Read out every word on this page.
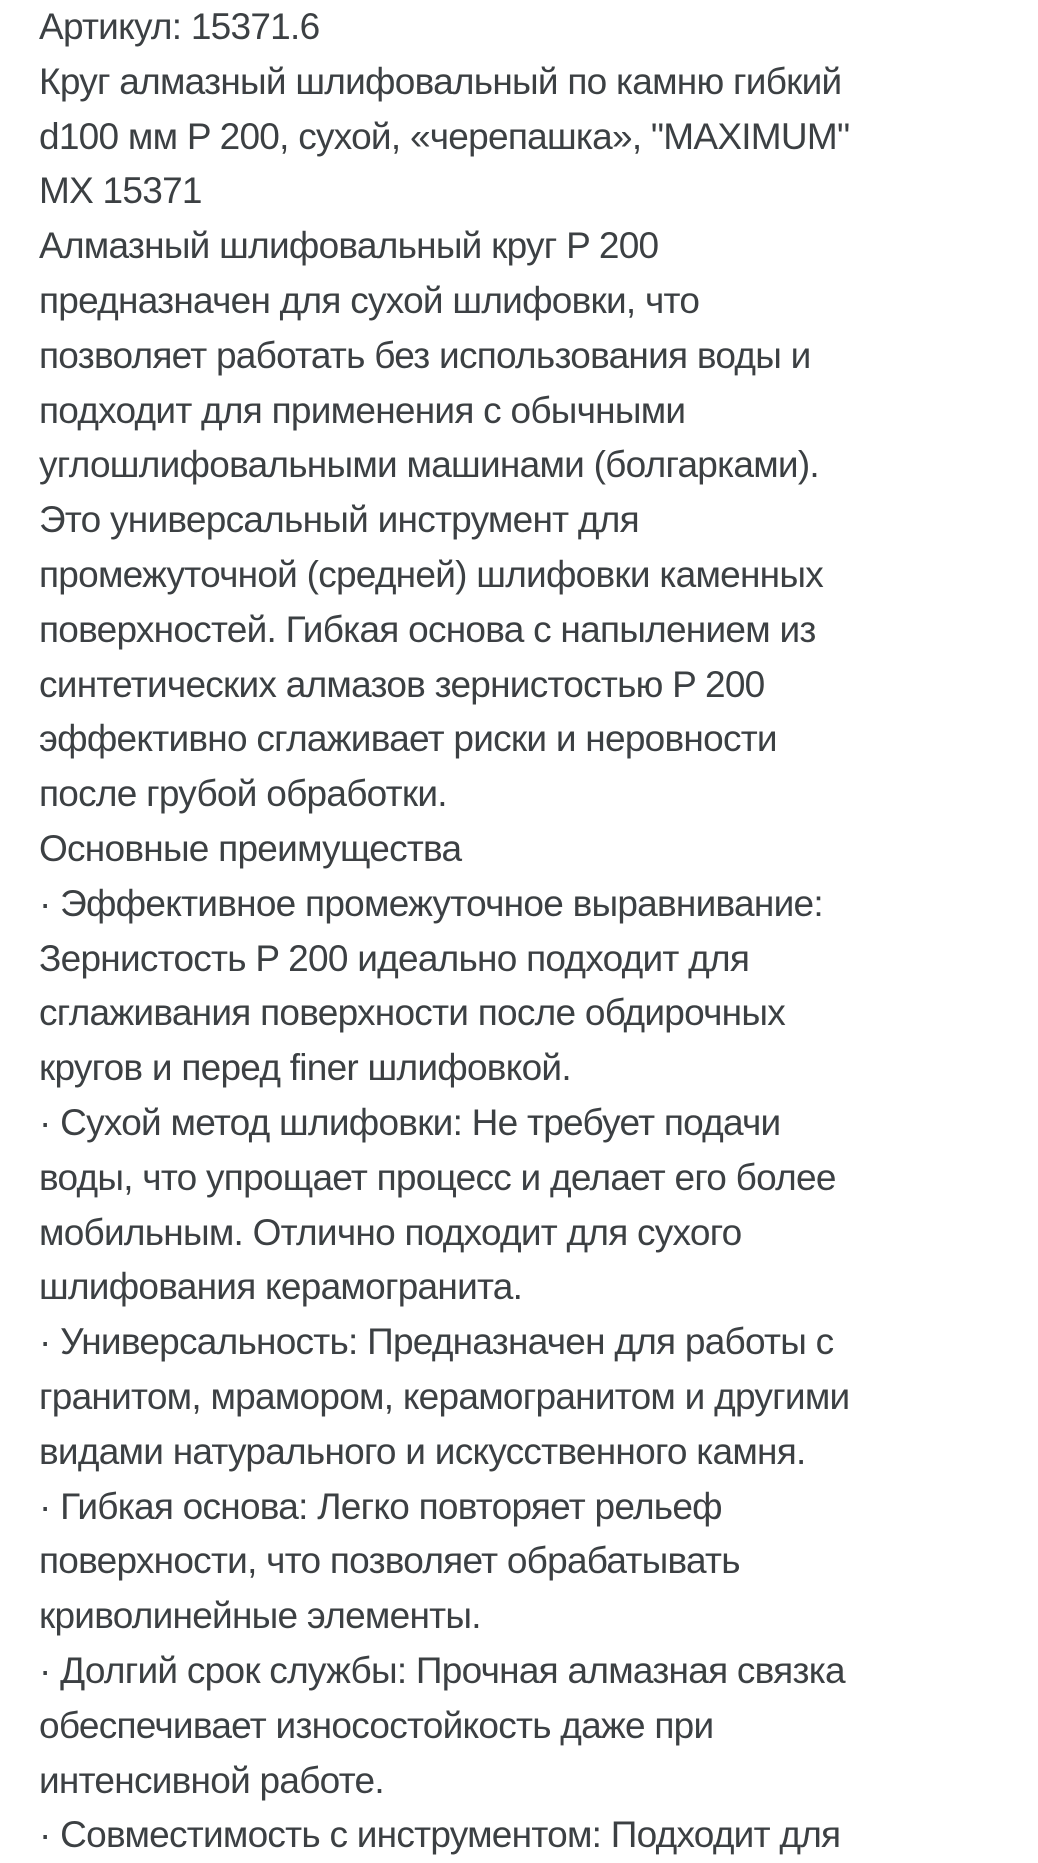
Артикул: 15371.6
Круг алмазный шлифовальный по камню гибкий
d100 мм P 200, сухой, «черепашка», "MAXIMUM"
MX 15371
Алмазный шлифовальный круг P 200
предназначен для сухой шлифовки, что
позволяет работать без использования воды и
подходит для применения с обычными
углошлифовальными машинами (болгарками).
Это универсальный инструмент для
промежуточной (средней) шлифовки каменных
поверхностей. Гибкая основа с напылением из
синтетических алмазов зернистостью P 200
эффективно сглаживает риски и неровности
после грубой обработки.
Основные преимущества
· Эффективное промежуточное выравнивание:
Зернистость P 200 идеально подходит для
сглаживания поверхности после обдирочных
кругов и перед finer шлифовкой.
· Сухой метод шлифовки: Не требует подачи
воды, что упрощает процесс и делает его более
мобильным. Отлично подходит для сухого
шлифования керамогранита.
· Универсальность: Предназначен для работы с
гранитом, мрамором, керамогранитом и другими
видами натурального и искусственного камня.
· Гибкая основа: Легко повторяет рельеф
поверхности, что позволяет обрабатывать
криволинейные элементы.
· Долгий срок службы: Прочная алмазная связка
обеспечивает износостойкость даже при
интенсивной работе.
· Совместимость с инструментом: Подходит для
